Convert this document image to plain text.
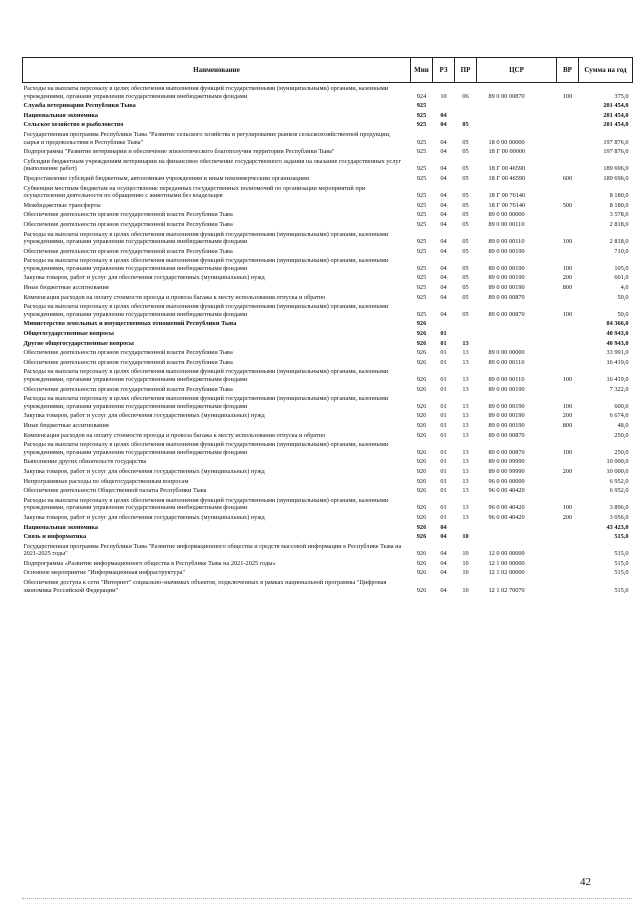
Наименование	Мин	РЗ	ПР	ЦСР	ВР	Сумма на год
Расходы на выплаты персоналу в целях обеспечения выполнения функций государственными (муниципальными) органами, казенными учреждениями, органами управления государственными внебюджетными фондами	924	10	06	89 0 00 00870	100	375,0
Служба ветеринарии Республики Тыва	925					201 454,0
Национальная экономика	925	04				201 454,0
Сельское хозяйство и рыболовство	925	04	05			201 454,0
Государственная программа Республики Тыва "Развитие сельского хозяйства и регулирование рынков сельскохозяйственной продукции, сырья и продовольствия в Республике Тыва"	925	04	05	18 0 00 00000		197 876,0
Подпрограмма "Развитие ветеринарии и обеспечение эпизоотического благополучия территории Республики Тыва"	925	04	05	18 Г 00 00000		197 876,0
Субсидии бюджетным учреждениям ветеринарии на финансовое обеспечение государственного задания на оказание государственных услуг (выполнение работ)	925	04	05	18 Г 00 46590		189 696,0
Предоставление субсидий бюджетным, автономным учреждениям и иным некоммерческим организациям	925	04	05	18 Г 00 46590	600	189 696,0
Субвенции местным бюджетам на осуществление переданных государственных полномочий по организации мероприятий при осуществлении деятельности по обращению с животными без владельцев	925	04	05	18 Г 00 76140		8 180,0
Межбюджетные трансферты	925	04	05	18 Г 00 76140	500	8 180,0
Обеспечение деятельности органов государственной власти Республики Тыва	925	04	05	89 0 00 00000		3 578,0
Обеспечение деятельности органов государственной власти Республики Тыва	925	04	05	89 0 00 00110		2 818,0
Расходы на выплаты персоналу в целях обеспечения выполнения функций государственными (муниципальными) органами, казенными учреждениями, органами управления государственными внебюджетными фондами	925	04	05	89 0 00 00110	100	2 818,0
Обеспечение деятельности органов государственной власти Республики Тыва	925	04	05	89 0 00 00190		710,0
Расходы на выплаты персоналу в целях обеспечения выполнения функций государственными (муниципальными) органами, казенными учреждениями, органами управления государственными внебюджетными фондами	925	04	05	89 0 00 00190	100	105,0
Закупка товаров, работ и услуг для обеспечения государственных (муниципальных) нужд	925	04	05	89 0 00 00190	200	601,0
Иные бюджетные ассигнования	925	04	05	89 0 00 00190	800	4,0
Компенсация расходов на оплату стоимости проезда и провоза багажа к месту использования отпуска и обратно	925	04	05	89 0 00 00870		50,0
Расходы на выплаты персоналу в целях обеспечения выполнения функций государственными (муниципальными) органами, казенными учреждениями, органами управления государственными внебюджетными фондами	925	04	05	89 0 00 00870	100	50,0
Министерство земельных и имущественных отношений Республики Тыва	926					84 366,0
Общегосударственные вопросы	926	01				40 943,0
Другие общегосударственные вопросы	926	01	13			40 943,0
Обеспечение деятельности органов государственной власти Республики Тыва	926	01	13	89 0 00 00000		33 991,0
Обеспечение деятельности органов государственной власти Республики Тыва	926	01	13	89 0 00 00110		16 419,0
Расходы на выплаты персоналу в целях обеспечения выполнения функций государственными (муниципальными) органами, казенными учреждениями, органами управления государственными внебюджетными фондами	926	01	13	89 0 00 00110	100	16 419,0
Обеспечение деятельности органов государственной власти Республики Тыва	926	01	13	89 0 00 00190		7 322,0
Расходы на выплаты персоналу в целях обеспечения выполнения функций государственными (муниципальными) органами, казенными учреждениями, органами управления государственными внебюджетными фондами	926	01	13	89 0 00 00190	100	600,0
Закупка товаров, работ и услуг для обеспечения государственных (муниципальных) нужд	926	01	13	89 0 00 00190	200	6 674,0
Иные бюджетные ассигнования	926	01	13	89 0 00 00190	800	48,0
Компенсация расходов на оплату стоимости проезда и провоза багажа к месту использования отпуска и обратно	926	01	13	89 0 00 00870		250,0
Расходы на выплаты персоналу в целях обеспечения выполнения функций государственными (муниципальными) органами, казенными учреждениями, органами управления государственными внебюджетными фондами	926	01	13	89 0 00 00870	100	250,0
Выполнение других обязательств государства	926	01	13	89 0 00 99990		10 000,0
Закупка товаров, работ и услуг для обеспечения государственных (муниципальных) нужд	926	01	13	89 0 00 99990	200	10 000,0
Непрограммные расходы по общегосударственным вопросам	926	01	13	96 0 00 00000		6 952,0
Обеспечение деятельности Общественной палаты Республики Тыва	926	01	13	96 0 00 40420		6 952,0
Расходы на выплаты персоналу в целях обеспечения выполнения функций государственными (муниципальными) органами, казенными учреждениями, органами управления государственными внебюджетными фондами	926	01	13	96 0 00 40420	100	3 896,0
Закупка товаров, работ и услуг для обеспечения государственных (муниципальных) нужд	926	01	13	96 0 00 40420	200	3 056,0
Национальная экономика	926	04				43 423,0
Связь и информатика	926	04	10			515,0
Государственная программа Республики Тыва "Развитие информационного общества и средств массовой информации в Республике Тыва на 2021-2025 годы"	926	04	10	12 0 00 00000		515,0
Подпрограмма «Развитие информационного общества в Республике Тыва на 2021-2025 годы»	926	04	10	12 1 00 00000		515,0
Основное мероприятие "Информационная инфраструктура"	926	04	10	12 1 02 00000		515,0
Обеспечение доступа к сети "Интернет" социально-значимых объектов, подключенных в рамках национальной программы "Цифровая экономика Российской Федерации"	926	04	10	12 1 02 70070		515,0
42
